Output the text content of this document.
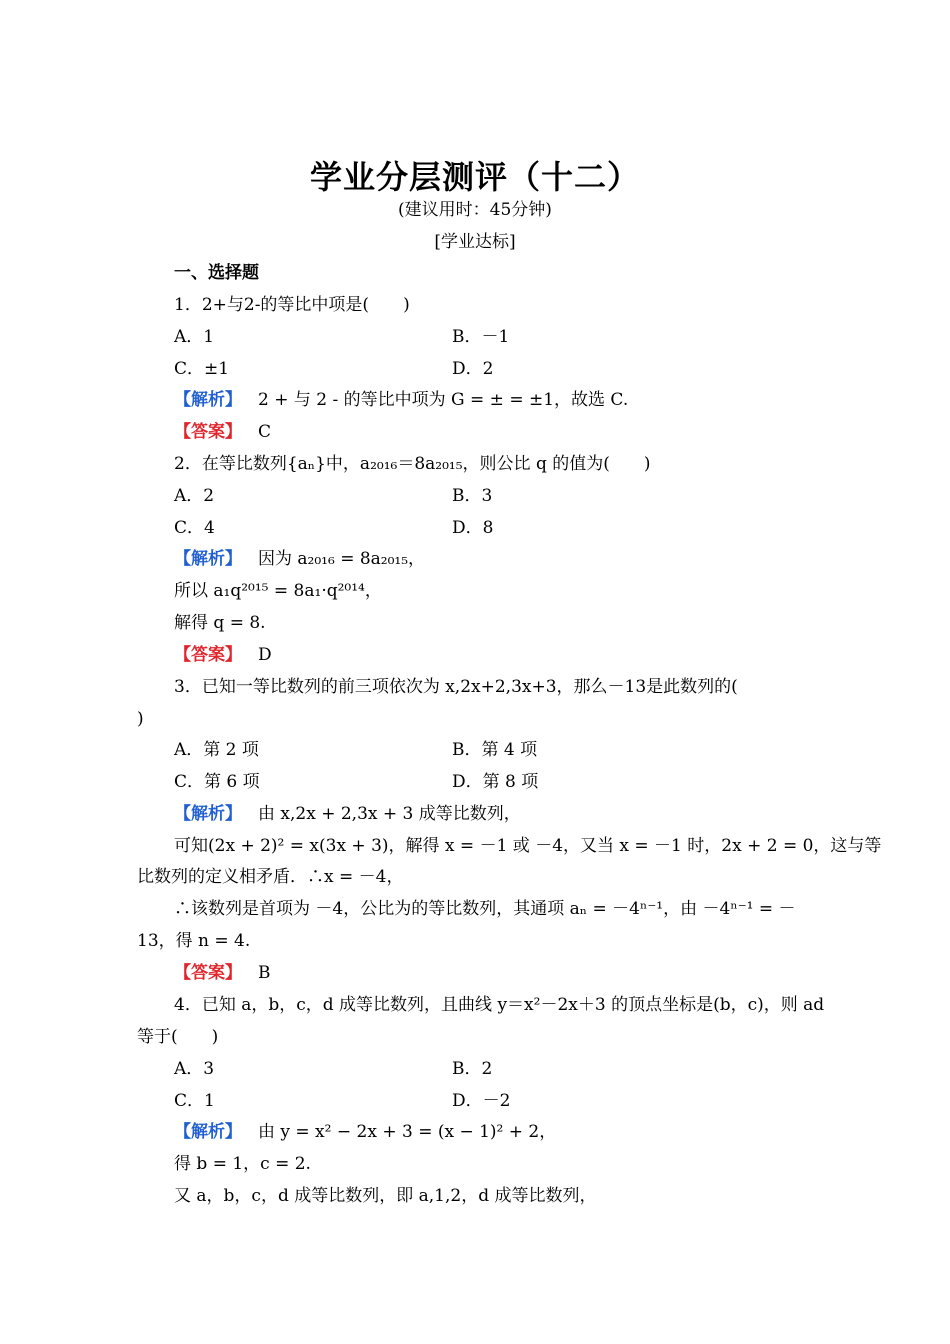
学业分层测评（十二）
(建议用时：45分钟)
[学业达标]
一、选择题
1．2+与2-的等比中项是(　　)
A．1	B．－1
C．±1	D．2
【解析】 2 + 与 2 - 的等比中项为 G = ± = ±1，故选 C.
【答案】 C
2．在等比数列{aₙ}中，a₂₀₁₆＝8a₂₀₁₅，则公比 q 的值为(　　)
A．2	B．3
C．4	D．8
【解析】 因为 a₂₀₁₆ = 8a₂₀₁₅，
所以 a₁q²⁰¹⁵ = 8a₁·q²⁰¹⁴，
解得 q = 8.
【答案】 D
3．已知一等比数列的前三项依次为 x,2x+2,3x+3，那么－13是此数列的(
)
A．第 2 项	B．第 4 项
C．第 6 项	D．第 8 项
【解析】 由 x,2x + 2,3x + 3 成等比数列，
可知(2x + 2)² = x(3x + 3)，解得 x = －1 或 －4，又当 x = －1 时，2x + 2 = 0，这与等
比数列的定义相矛盾．∴x = －4，
∴该数列是首项为 －4，公比为的等比数列，其通项 aₙ = －4ⁿ⁻¹，由 －4ⁿ⁻¹ = －
13，得 n = 4.
【答案】 B
4．已知 a，b，c，d 成等比数列，且曲线 y＝x²－2x＋3 的顶点坐标是(b，c)，则 ad
等于(　　)
A．3	B．2
C．1	D．－2
【解析】 由 y = x² − 2x + 3 = (x − 1)² + 2，
得 b = 1，c = 2.
又 a，b，c，d 成等比数列，即 a,1,2，d 成等比数列，
